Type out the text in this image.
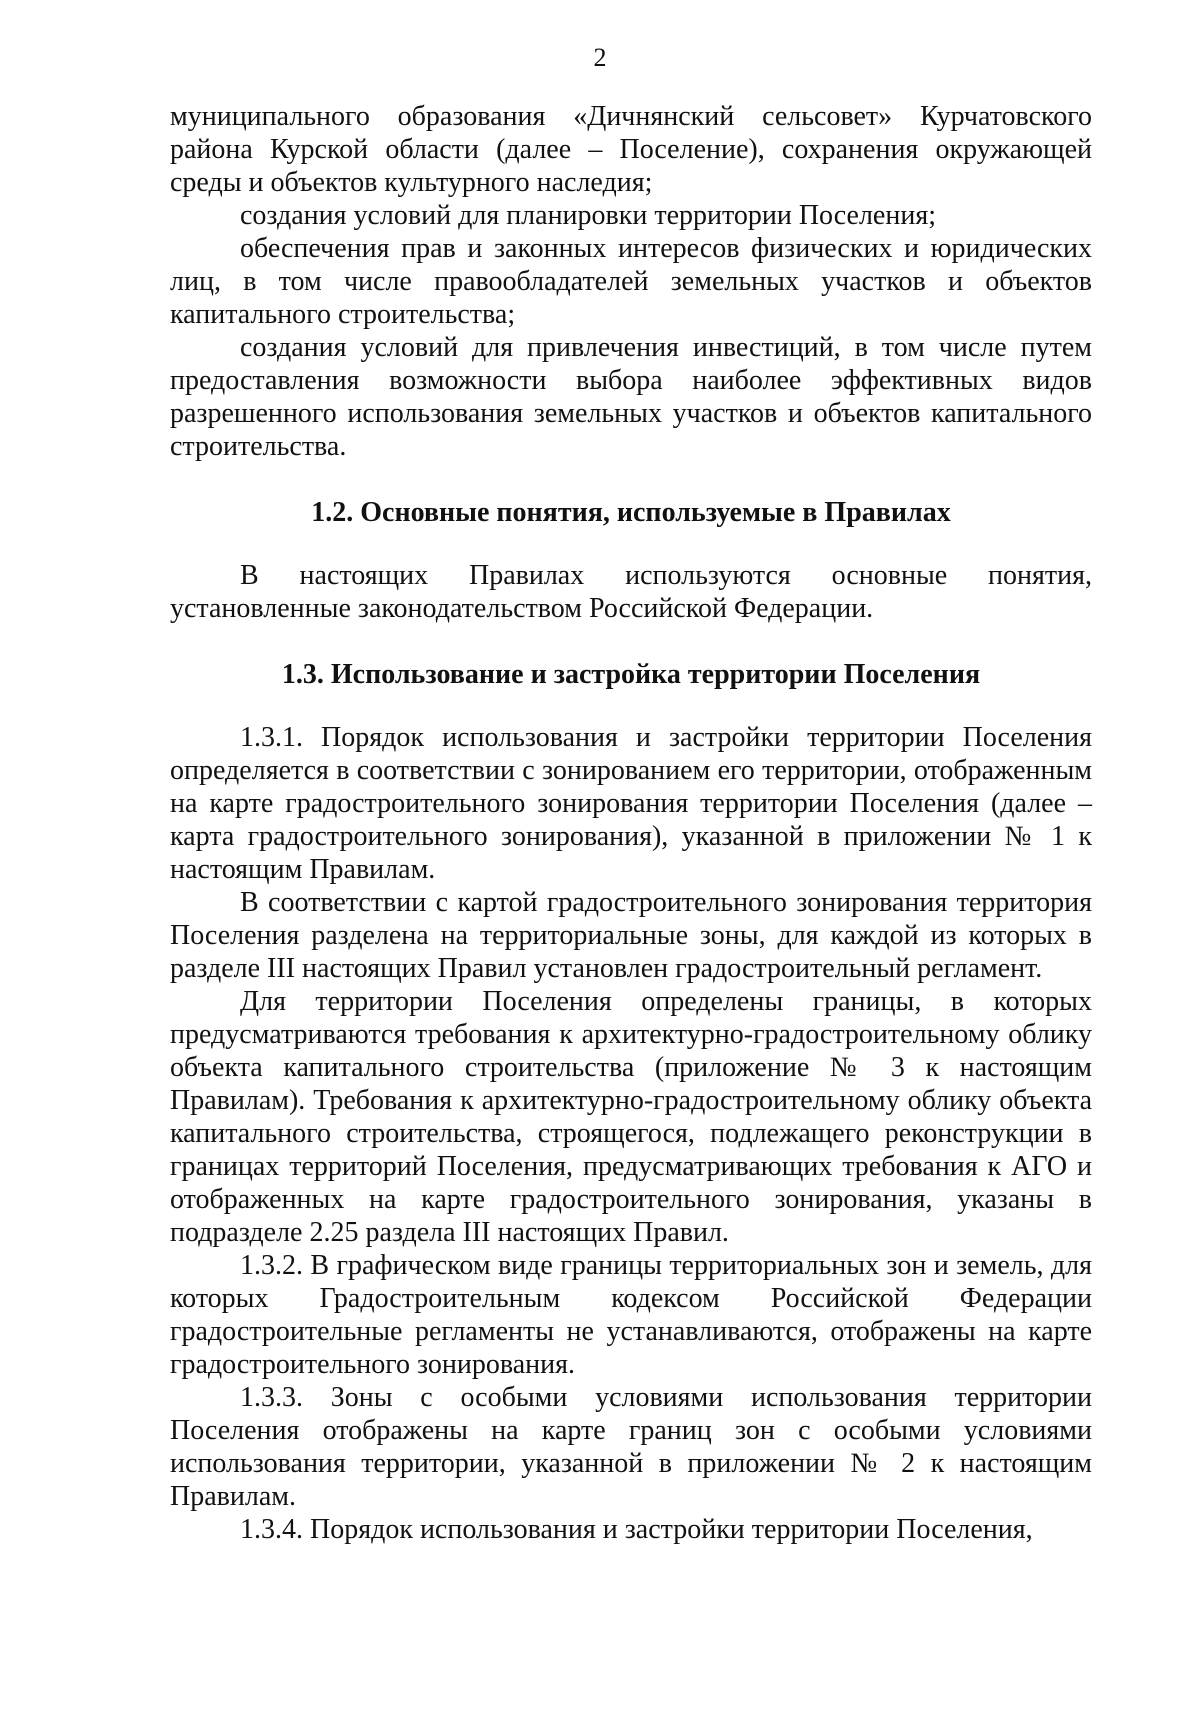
2

муниципального образования «Дичнянский сельсовет» Курчатовского района Курской области (далее – Поселение), сохранения окружающей среды и объектов культурного наследия;

создания условий для планировки территории Поселения;

обеспечения прав и законных интересов физических и юридических лиц, в том числе правообладателей земельных участков и объектов капитального строительства;

создания условий для привлечения инвестиций, в том числе путем предоставления возможности выбора наиболее эффективных видов разрешенного использования земельных участков и объектов капитального строительства.

1.2. Основные понятия, используемые в Правилах

В настоящих Правилах используются основные понятия, установленные законодательством Российской Федерации.

1.3. Использование и застройка территории Поселения

1.3.1. Порядок использования и застройки территории Поселения определяется в соответствии с зонированием его территории, отображенным на карте градостроительного зонирования территории Поселения (далее – карта градостроительного зонирования), указанной в приложении № 1 к настоящим Правилам.

В соответствии с картой градостроительного зонирования территория Поселения разделена на территориальные зоны, для каждой из которых в разделе III настоящих Правил установлен градостроительный регламент.

Для территории Поселения определены границы, в которых предусматриваются требования к архитектурно-градостроительному облику объекта капитального строительства (приложение № 3 к настоящим Правилам). Требования к архитектурно-градостроительному облику объекта капитального строительства, строящегося, подлежащего реконструкции в границах территорий Поселения, предусматривающих требования к АГО и отображенных на карте градостроительного зонирования, указаны в подразделе 2.25 раздела III настоящих Правил.

1.3.2. В графическом виде границы территориальных зон и земель, для которых Градостроительным кодексом Российской Федерации градостроительные регламенты не устанавливаются, отображены на карте градостроительного зонирования.

1.3.3. Зоны с особыми условиями использования территории Поселения отображены на карте границ зон с особыми условиями использования территории, указанной в приложении № 2 к настоящим Правилам.

1.3.4. Порядок использования и застройки территории Поселения,
